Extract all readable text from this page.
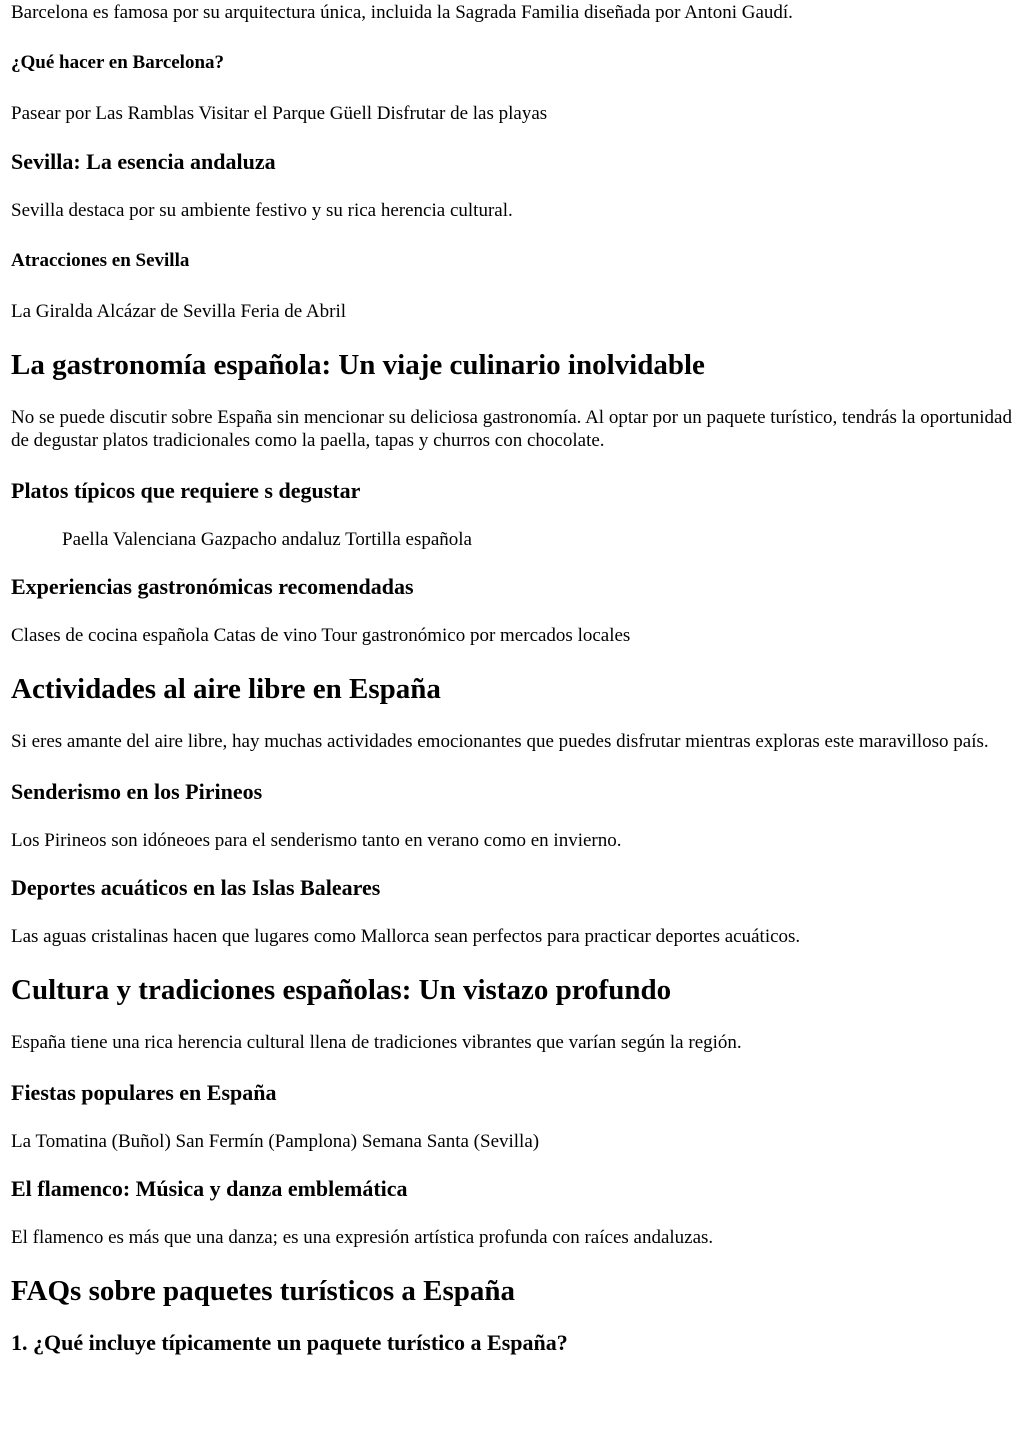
Barcelona es famosa por su arquitectura única, incluida la Sagrada Familia diseñada por Antoni Gaudí.

¿Qué hacer en Barcelona?

Pasear por Las Ramblas Visitar el Parque Güell Disfrutar de las playas

Sevilla: La esencia andaluza

Sevilla destaca por su ambiente festivo y su rica herencia cultural.

Atracciones en Sevilla

La Giralda Alcázar de Sevilla Feria de Abril

La gastronomía española: Un viaje culinario inolvidable

No se puede discutir sobre España sin mencionar su deliciosa gastronomía. Al optar por un paquete turístico, tendrás la oportunidad de degustar platos tradicionales como la paella, tapas y churros con chocolate.

Platos típicos que requiere s degustar

Paella Valenciana Gazpacho andaluz Tortilla española

Experiencias gastronómicas recomendadas

Clases de cocina española Catas de vino Tour gastronómico por mercados locales

Actividades al aire libre en España

Si eres amante del aire libre, hay muchas actividades emocionantes que puedes disfrutar mientras exploras este maravilloso país.

Senderismo en los Pirineos

Los Pirineos son idóneoes para el senderismo tanto en verano como en invierno.

Deportes acuáticos en las Islas Baleares

Las aguas cristalinas hacen que lugares como Mallorca sean perfectos para practicar deportes acuáticos.

Cultura y tradiciones españolas: Un vistazo profundo

España tiene una rica herencia cultural llena de tradiciones vibrantes que varían según la región.

Fiestas populares en España

La Tomatina (Buñol) San Fermín (Pamplona) Semana Santa (Sevilla)

El flamenco: Música y danza emblemática

El flamenco es más que una danza; es una expresión artística profunda con raíces andaluzas.

FAQs sobre paquetes turísticos a España
1. ¿Qué incluye típicamente un paquete turístico a España?
